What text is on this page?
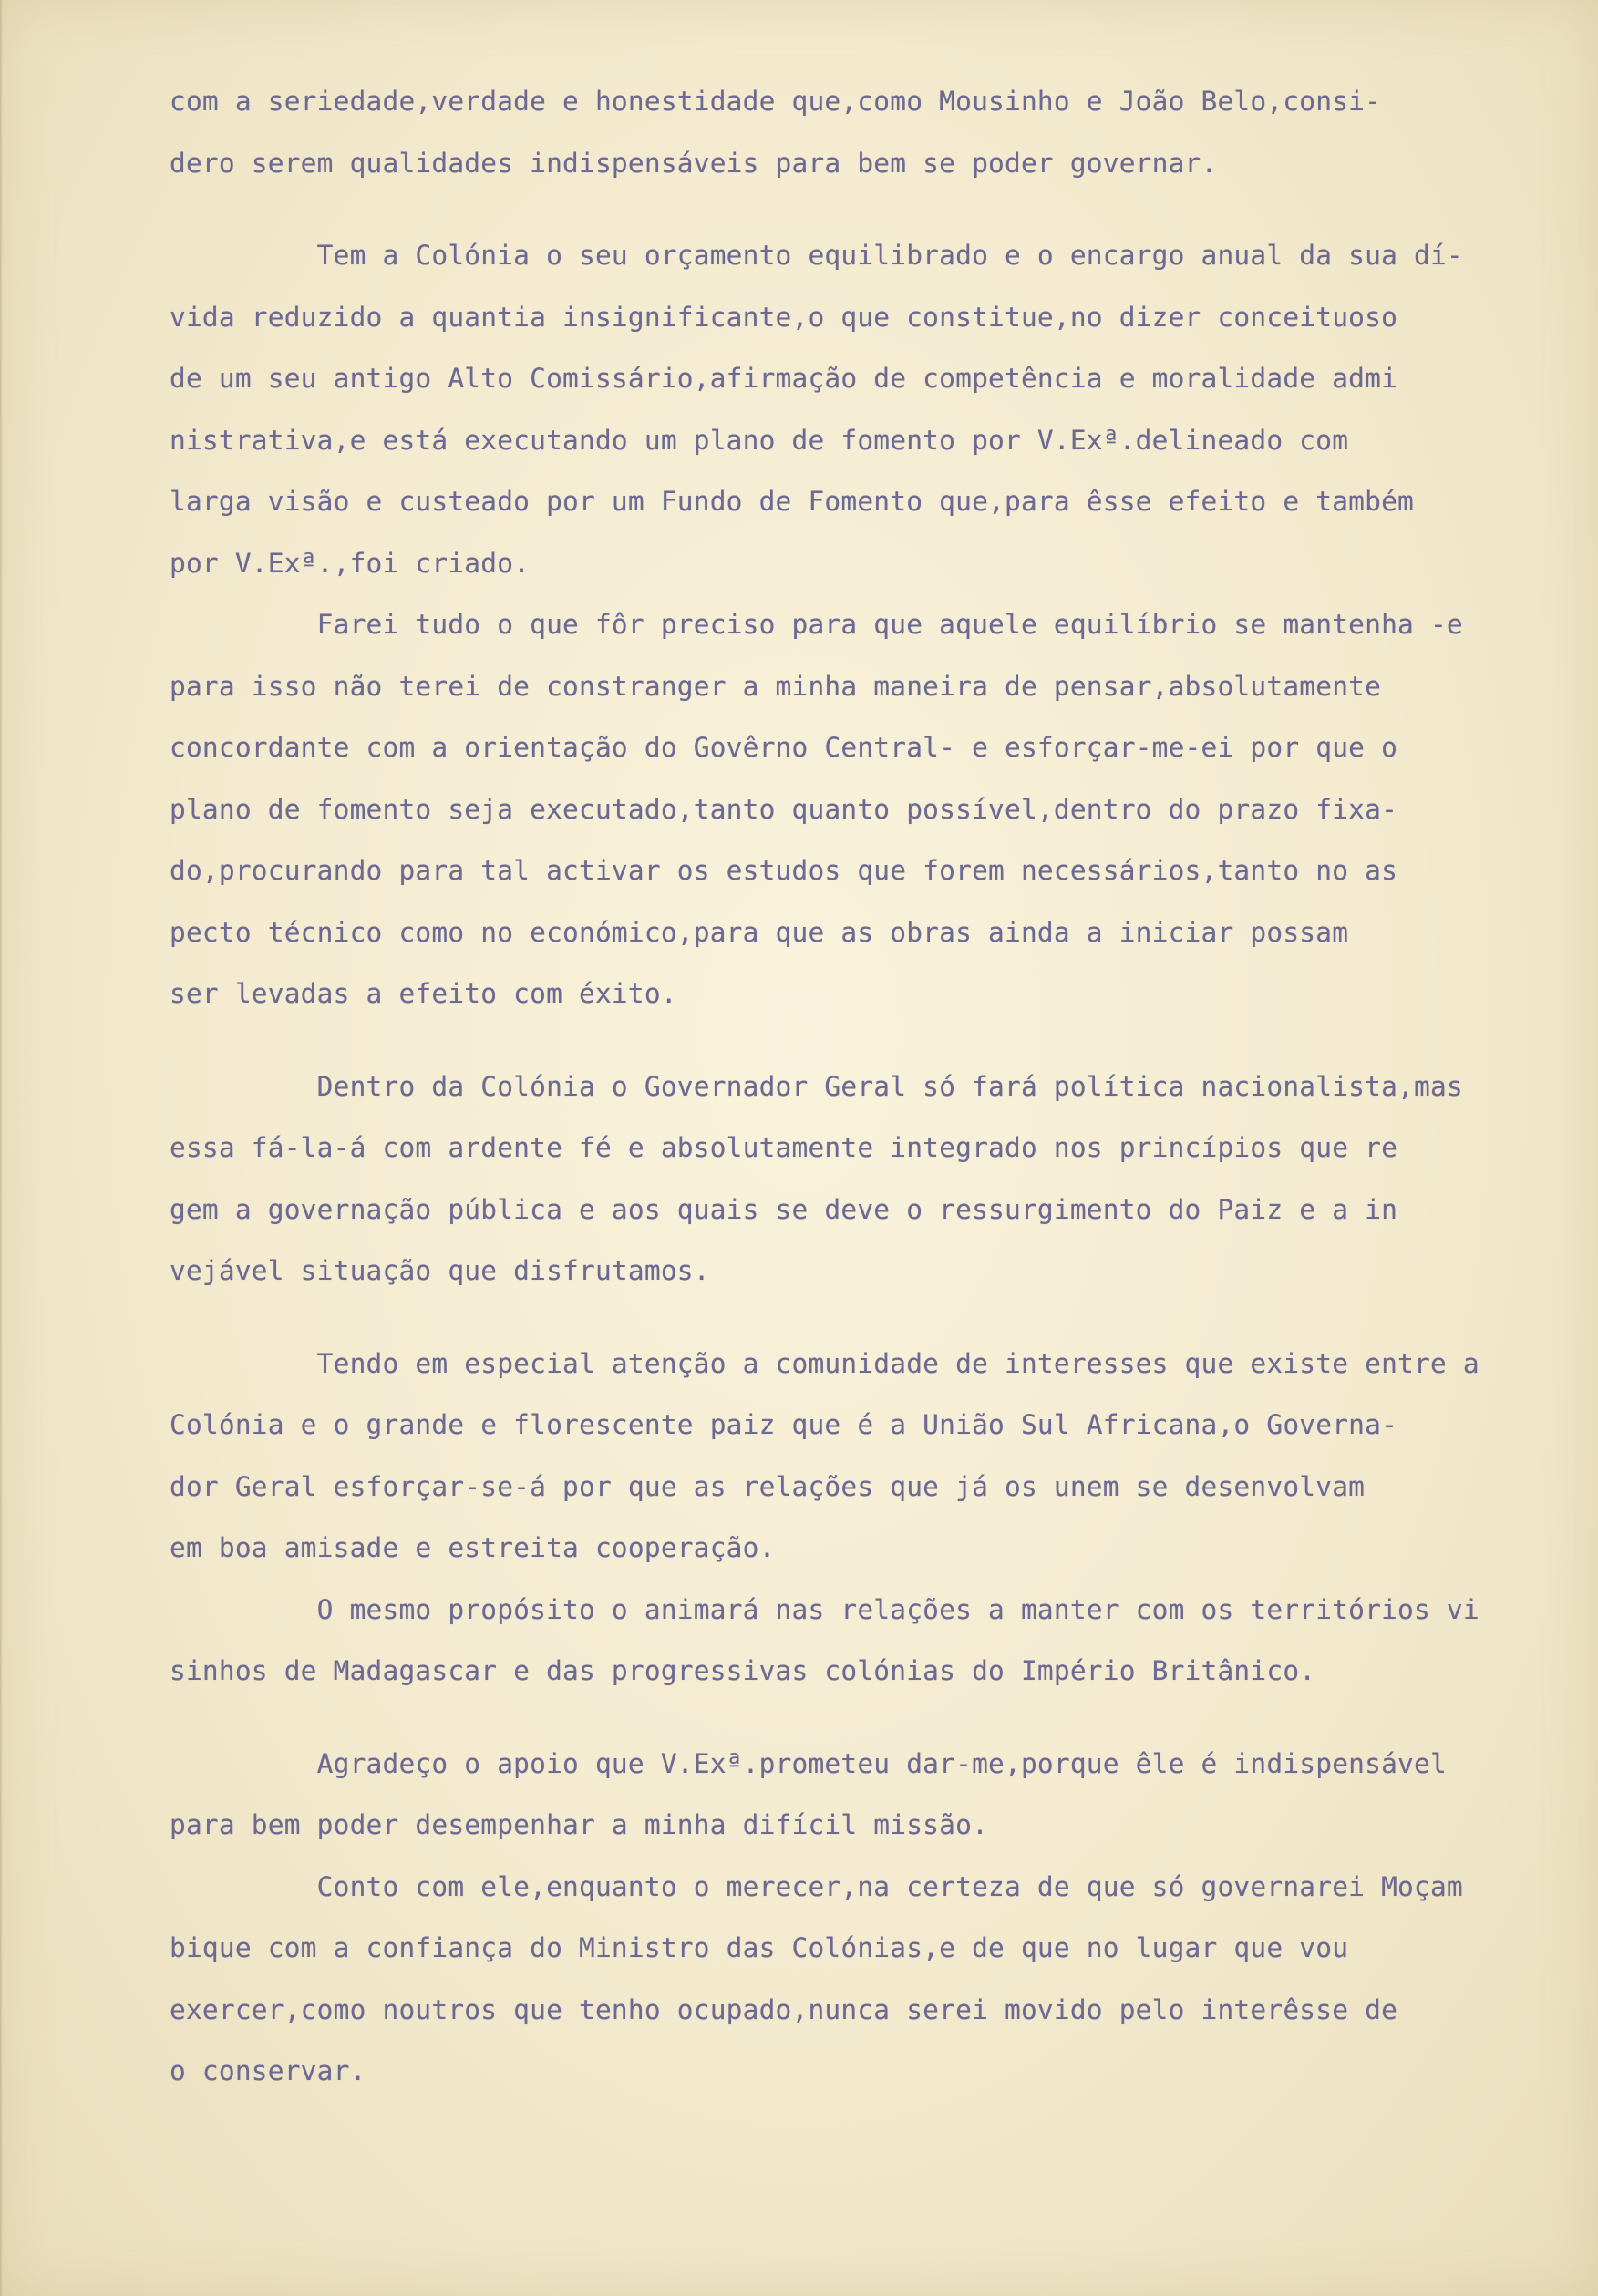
com a seriedade,verdade e honestidade que,como Mousinho e João Belo,consi-
dero serem qualidades indispensáveis para bem se poder governar.
Tem a Colónia o seu orçamento equilibrado e o encargo anual da sua dí-
vida reduzido a quantia insignificante,o que constitue,no dizer conceituoso
de um seu antigo Alto Comissário,afirmação de competência e moralidade admi
nistrativa,e está executando um plano de fomento por V.Exª.delineado com
larga visão e custeado por um Fundo de Fomento que,para êsse efeito e também
por V.Exª.,foi criado.
Farei tudo o que fôr preciso para que aquele equilíbrio se mantenha -e
para isso não terei de constranger a minha maneira de pensar,absolutamente
concordante com a orientação do Govêrno Central- e esforçar-me-ei por que o
plano de fomento seja executado,tanto quanto possível,dentro do prazo fixa-
do,procurando para tal activar os estudos que forem necessários,tanto no as
pecto técnico como no económico,para que as obras ainda a iniciar possam
ser levadas a efeito com éxito.
Dentro da Colónia o Governador Geral só fará política nacionalista,mas
essa fá-la-á com ardente fé e absolutamente integrado nos princípios que re
gem a governação pública e aos quais se deve o ressurgimento do Paiz e a in
vejável situação que disfrutamos.
Tendo em especial atenção a comunidade de interesses que existe entre a
Colónia e o grande e florescente paiz que é a União Sul Africana,o Governa-
dor Geral esforçar-se-á por que as relações que já os unem se desenvolvam
em boa amisade e estreita cooperação.
O mesmo propósito o animará nas relações a manter com os territórios vi
sinhos de Madagascar e das progressivas colónias do Império Britânico.
Agradeço o apoio que V.Exª.prometeu dar-me,porque êle é indispensável
para bem poder desempenhar a minha difícil missão.
Conto com ele,enquanto o merecer,na certeza de que só governarei Moçam
bique com a confiança do Ministro das Colónias,e de que no lugar que vou
exercer,como noutros que tenho ocupado,nunca serei movido pelo interêsse de
o conservar.
